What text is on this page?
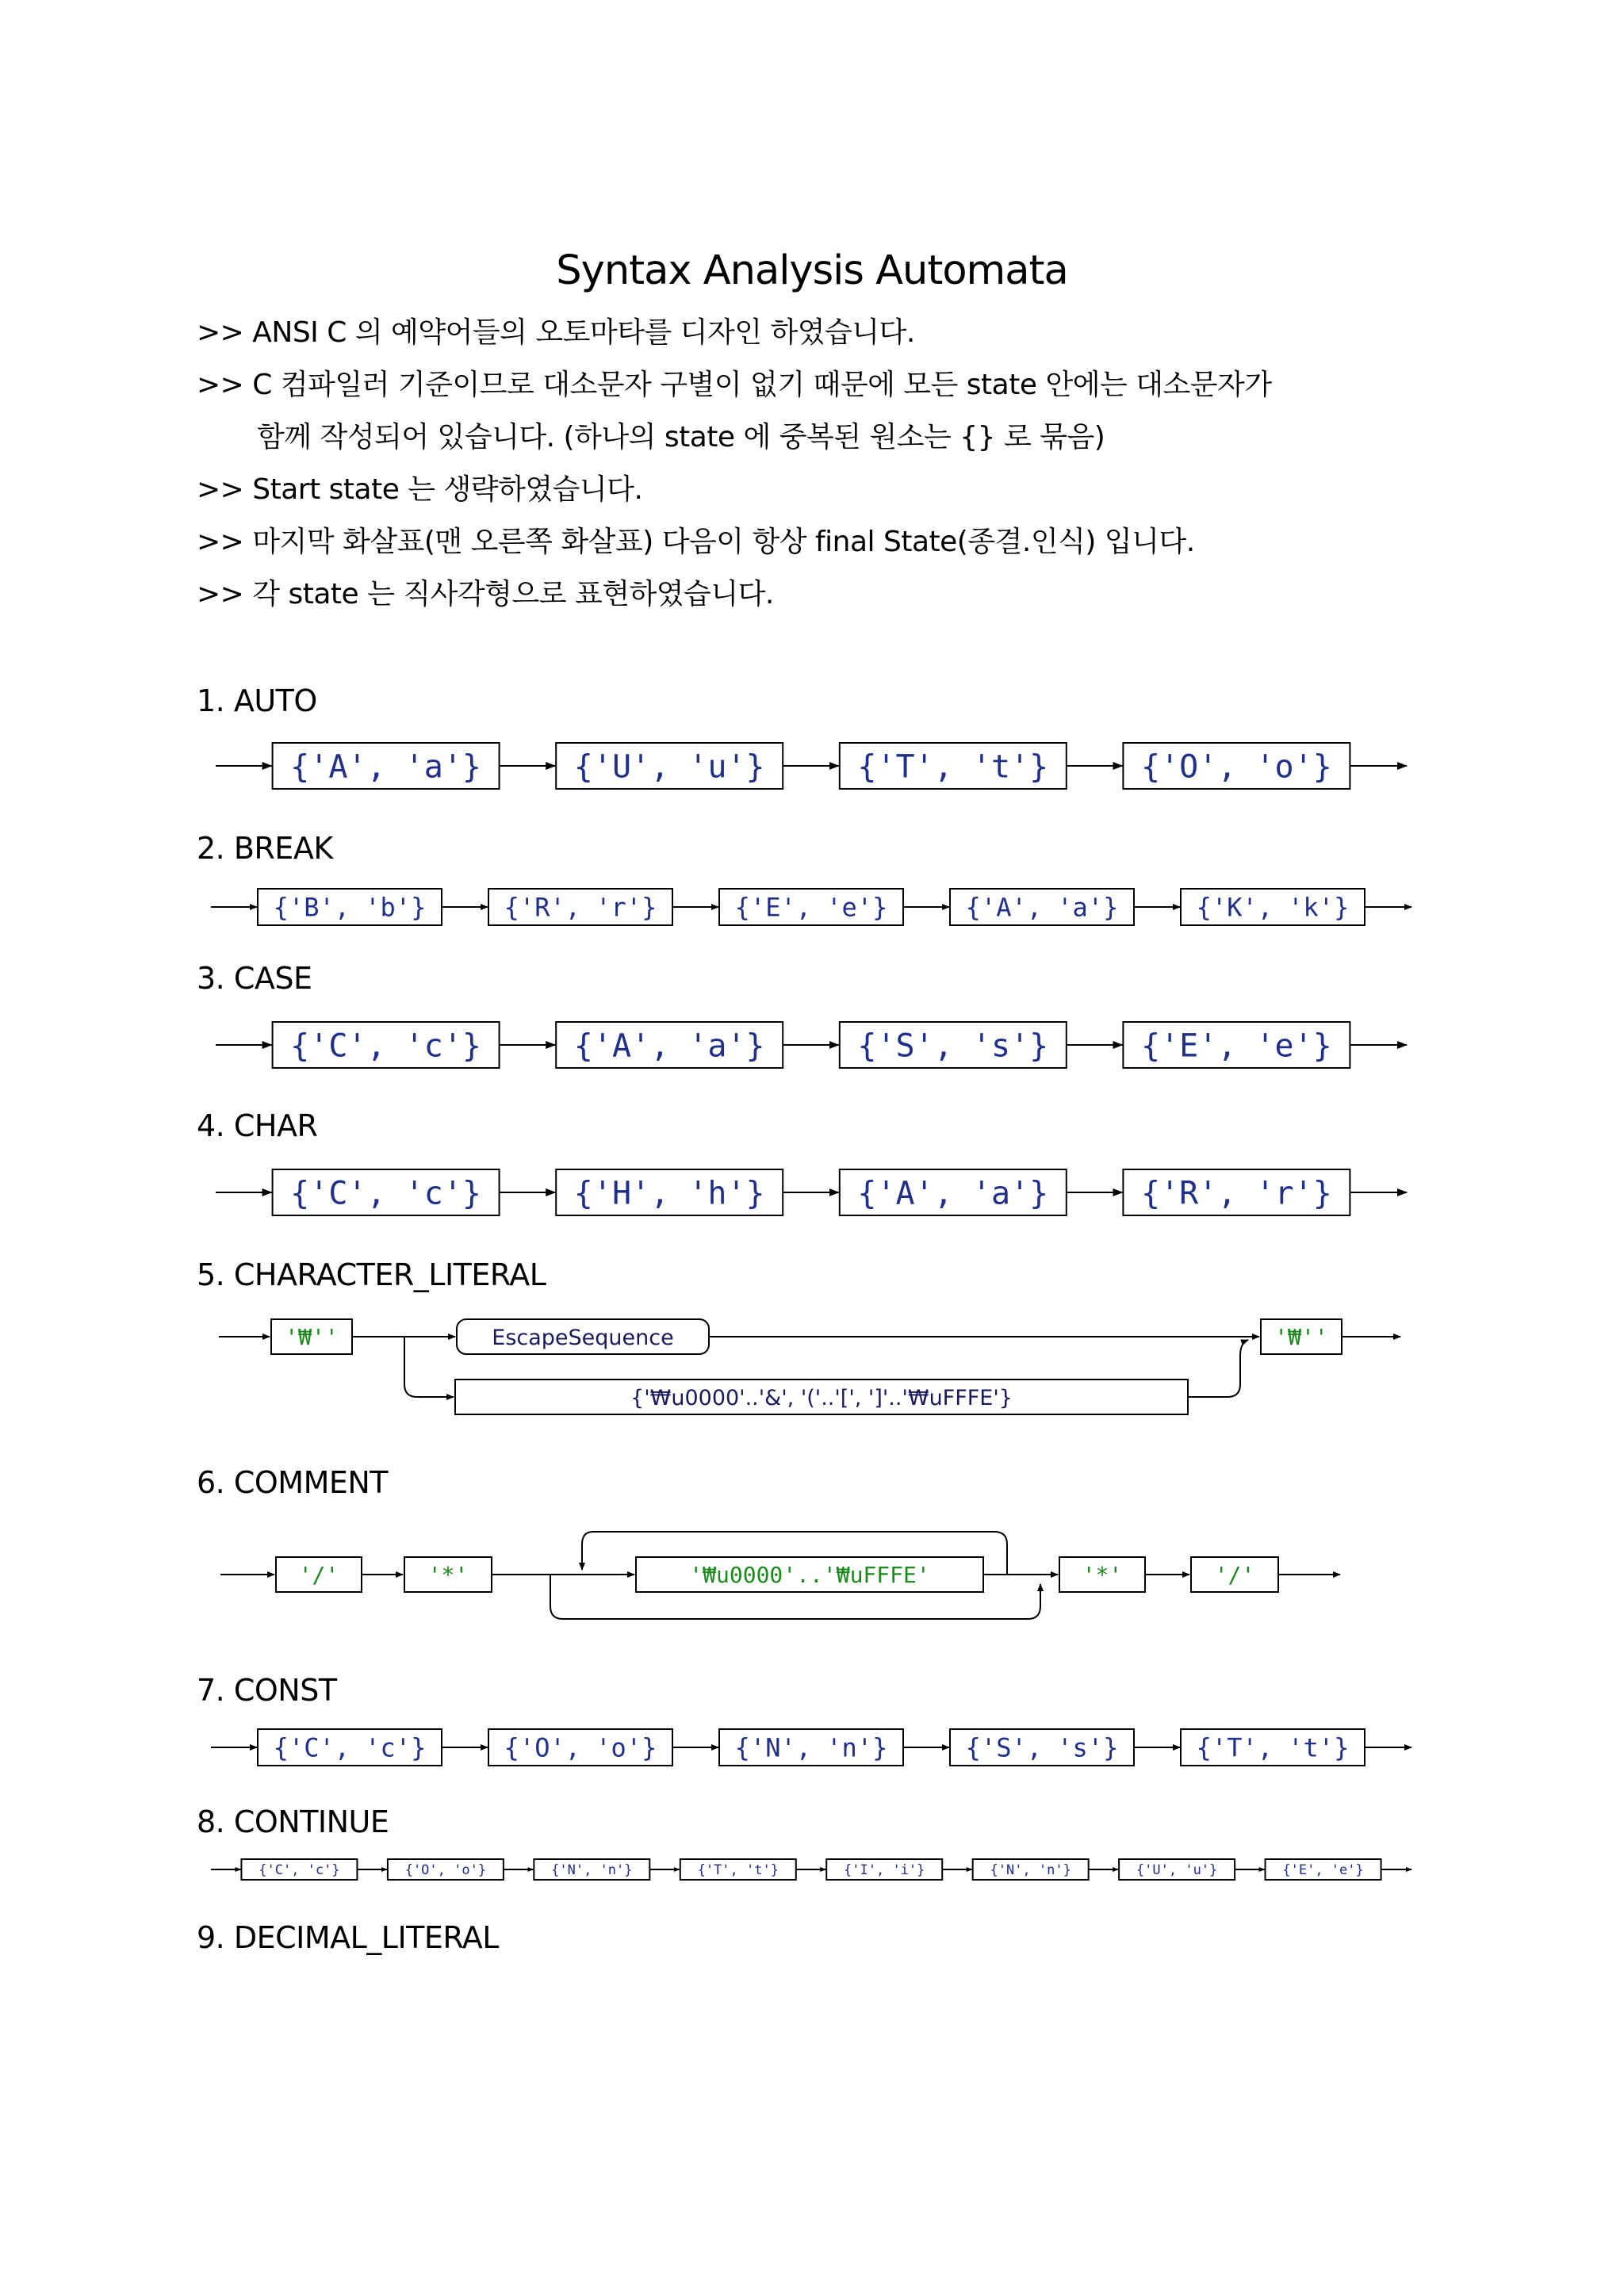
Syntax Analysis Automata
>> ANSI C 의 예약어들의 오토마타를 디자인 하였습니다.
>> C 컴파일러 기준이므로 대소문자 구별이 없기 때문에 모든 state 안에는 대소문자가
함께 작성되어 있습니다. (하나의 state 에 중복된 원소는 {} 로 묶음)
>> Start state 는 생략하였습니다.
>> 마지막 화살표(맨 오른쪽 화살표) 다음이 항상 final State(종결.인식) 입니다.
>> 각 state 는 직사각형으로 표현하였습니다.
1. AUTO
{'A', 'a'}	{'U', 'u'}	{'T', 't'}	{'O', 'o'}
2. BREAK
{'B', 'b'}	{'R', 'r'}	{'E', 'e'}	{'A', 'a'}	{'K', 'k'}
3. CASE
{'C', 'c'}	{'A', 'a'}	{'S', 's'}	{'E', 'e'}
4. CHAR
{'C', 'c'}	{'H', 'h'}	{'A', 'a'}	{'R', 'r'}
5. CHARACTER_LITERAL
'₩''	EscapeSequence
{'₩u0000'..'&', '('..'[', ']'..'₩uFFFE'}
'₩''
6. COMMENT
'/'	'*'	'₩u0000'..'₩uFFFE'	'*'	'/'
7. CONST
{'C', 'c'}	{'O', 'o'}	{'N', 'n'}	{'S', 's'}	{'T', 't'}
8. CONTINUE
{'C', 'c'}	{'O', 'o'}	{'N', 'n'}	{'T', 't'}	{'I', 'i'}	{'N', 'n'}	{'U', 'u'}	{'E', 'e'}
9. DECIMAL_LITERAL
